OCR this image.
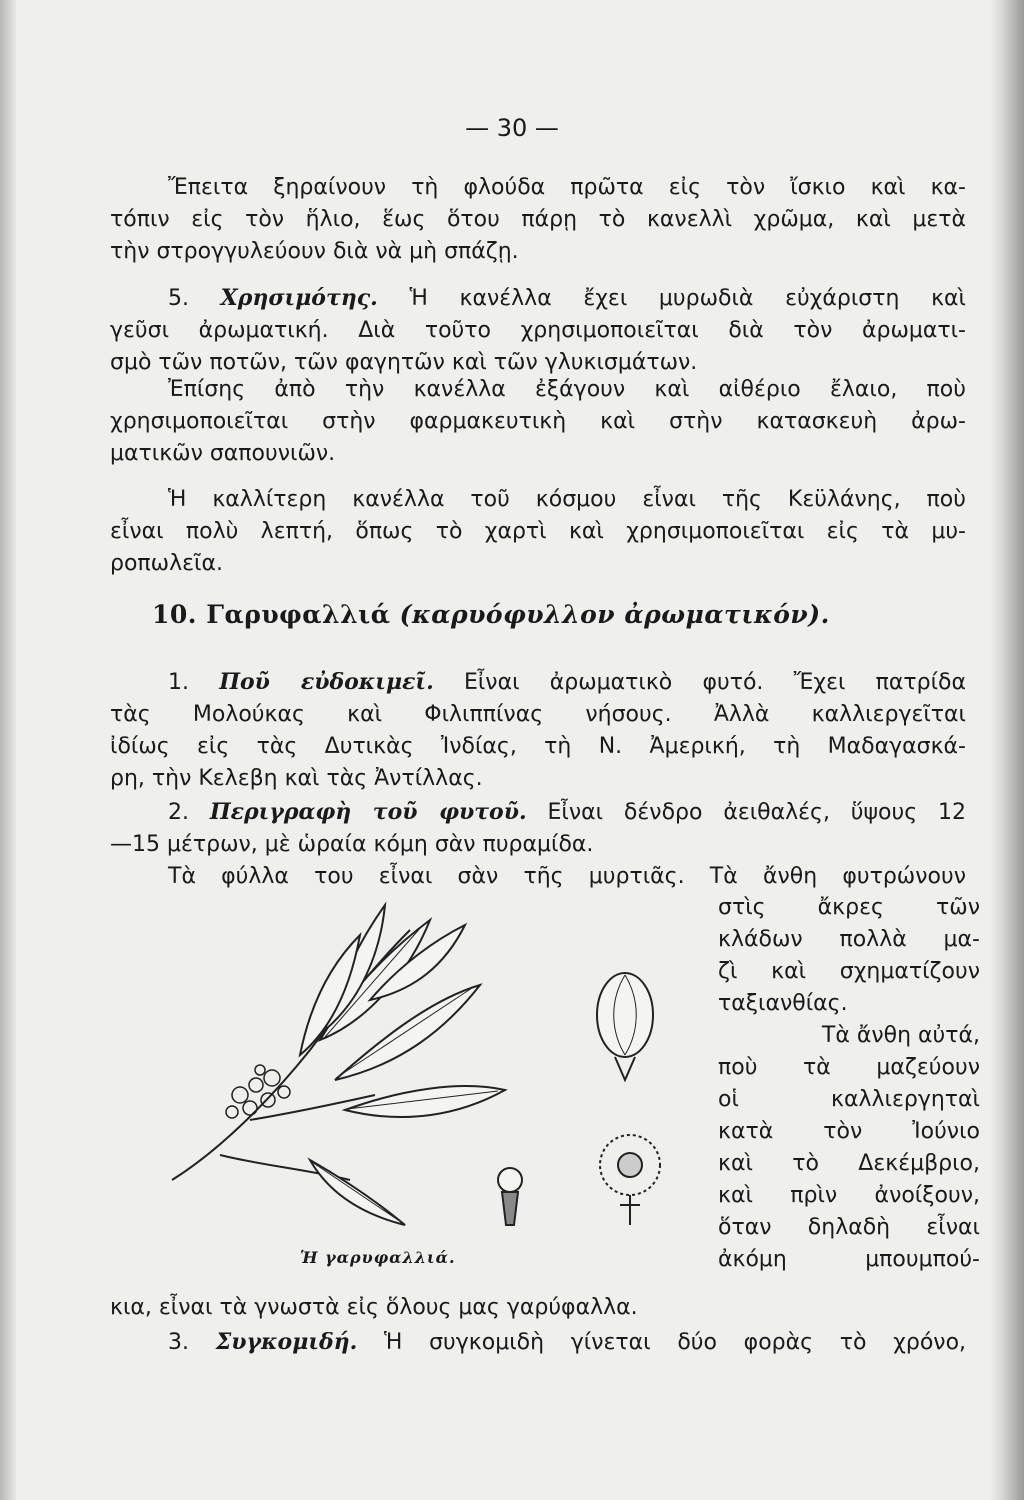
— 30 —
Ἔπειτα ξηραίνουν τὴ φλούδα πρῶτα εἰς τὸν ἴσκιο καὶ κα-
τόπιν εἰς τὸν ἥλιο, ἕως ὅτου πάρῃ τὸ κανελλὶ χρῶμα, καὶ μετὰ
τὴν στρογγυλεύουν διὰ νὰ μὴ σπάζῃ.
5. Χρησιμότης. Ἡ κανέλλα ἔχει μυρωδιὰ εὐχάριστη καὶ
γεῦσι ἀρωματική. Διὰ τοῦτο χρησιμοποιεῖται διὰ τὸν ἀρωματι-
σμὸ τῶν ποτῶν, τῶν φαγητῶν καὶ τῶν γλυκισμάτων.
Ἐπίσης ἀπὸ τὴν κανέλλα ἐξάγουν καὶ αἰθέριο ἔλαιο, ποὺ
χρησιμοποιεῖται στὴν φαρμακευτικὴ καὶ στὴν κατασκευὴ ἀρω-
ματικῶν σαπουνιῶν.
Ἡ καλλίτερη κανέλλα τοῦ κόσμου εἶναι τῆς Κεϋλάνης, ποὺ
εἶναι πολὺ λεπτή, ὅπως τὸ χαρτὶ καὶ χρησιμοποιεῖται εἰς τὰ μυ-
ροπωλεῖα.
10. Γαρυφαλλιά (καρυόφυλλον ἀρωματικόν).
1. Ποῦ εὐδοκιμεῖ. Εἶναι ἀρωματικὸ φυτό. Ἔχει πατρίδα
τὰς Μολούκας καὶ Φιλιππίνας νήσους. Ἀλλὰ καλλιεργεῖται
ἰδίως εἰς τὰς Δυτικὰς Ἰνδίας, τὴ Ν. Ἀμερική, τὴ Μαδαγασκά-
ρη, τὴν Κελεβη καὶ τὰς Ἀντίλλας.
2. Περιγραφὴ τοῦ φυτοῦ. Εἶναι δένδρο ἀειθαλές, ὕψους 12
—15 μέτρων, μὲ ὡραία κόμη σὰν πυραμίδα.
Τὰ φύλλα του εἶναι σὰν τῆς μυρτιᾶς. Τὰ ἄνθη φυτρώνουν
στὶς ἄκρες τῶν
κλάδων πολλὰ μα-
ζὶ καὶ σχηματίζουν
ταξιανθίας.
Τὰ ἄνθη αὐτά,
ποὺ τὰ μαζεύουν
οἱ καλλιεργηταὶ
κατὰ τὸν Ἰούνιο
καὶ τὸ Δεκέμβριο,
καὶ πρὶν ἀνοίξουν,
ὅταν δηλαδὴ εἶναι
ἀκόμη μπουμπού-
Ἡ γαρυφαλλιά.
κια, εἶναι τὰ γνωστὰ εἰς ὅλους μας γαρύφαλλα.
3. Συγκομιδή. Ἡ συγκομιδὴ γίνεται δύο φορὰς τὸ χρόνο,
